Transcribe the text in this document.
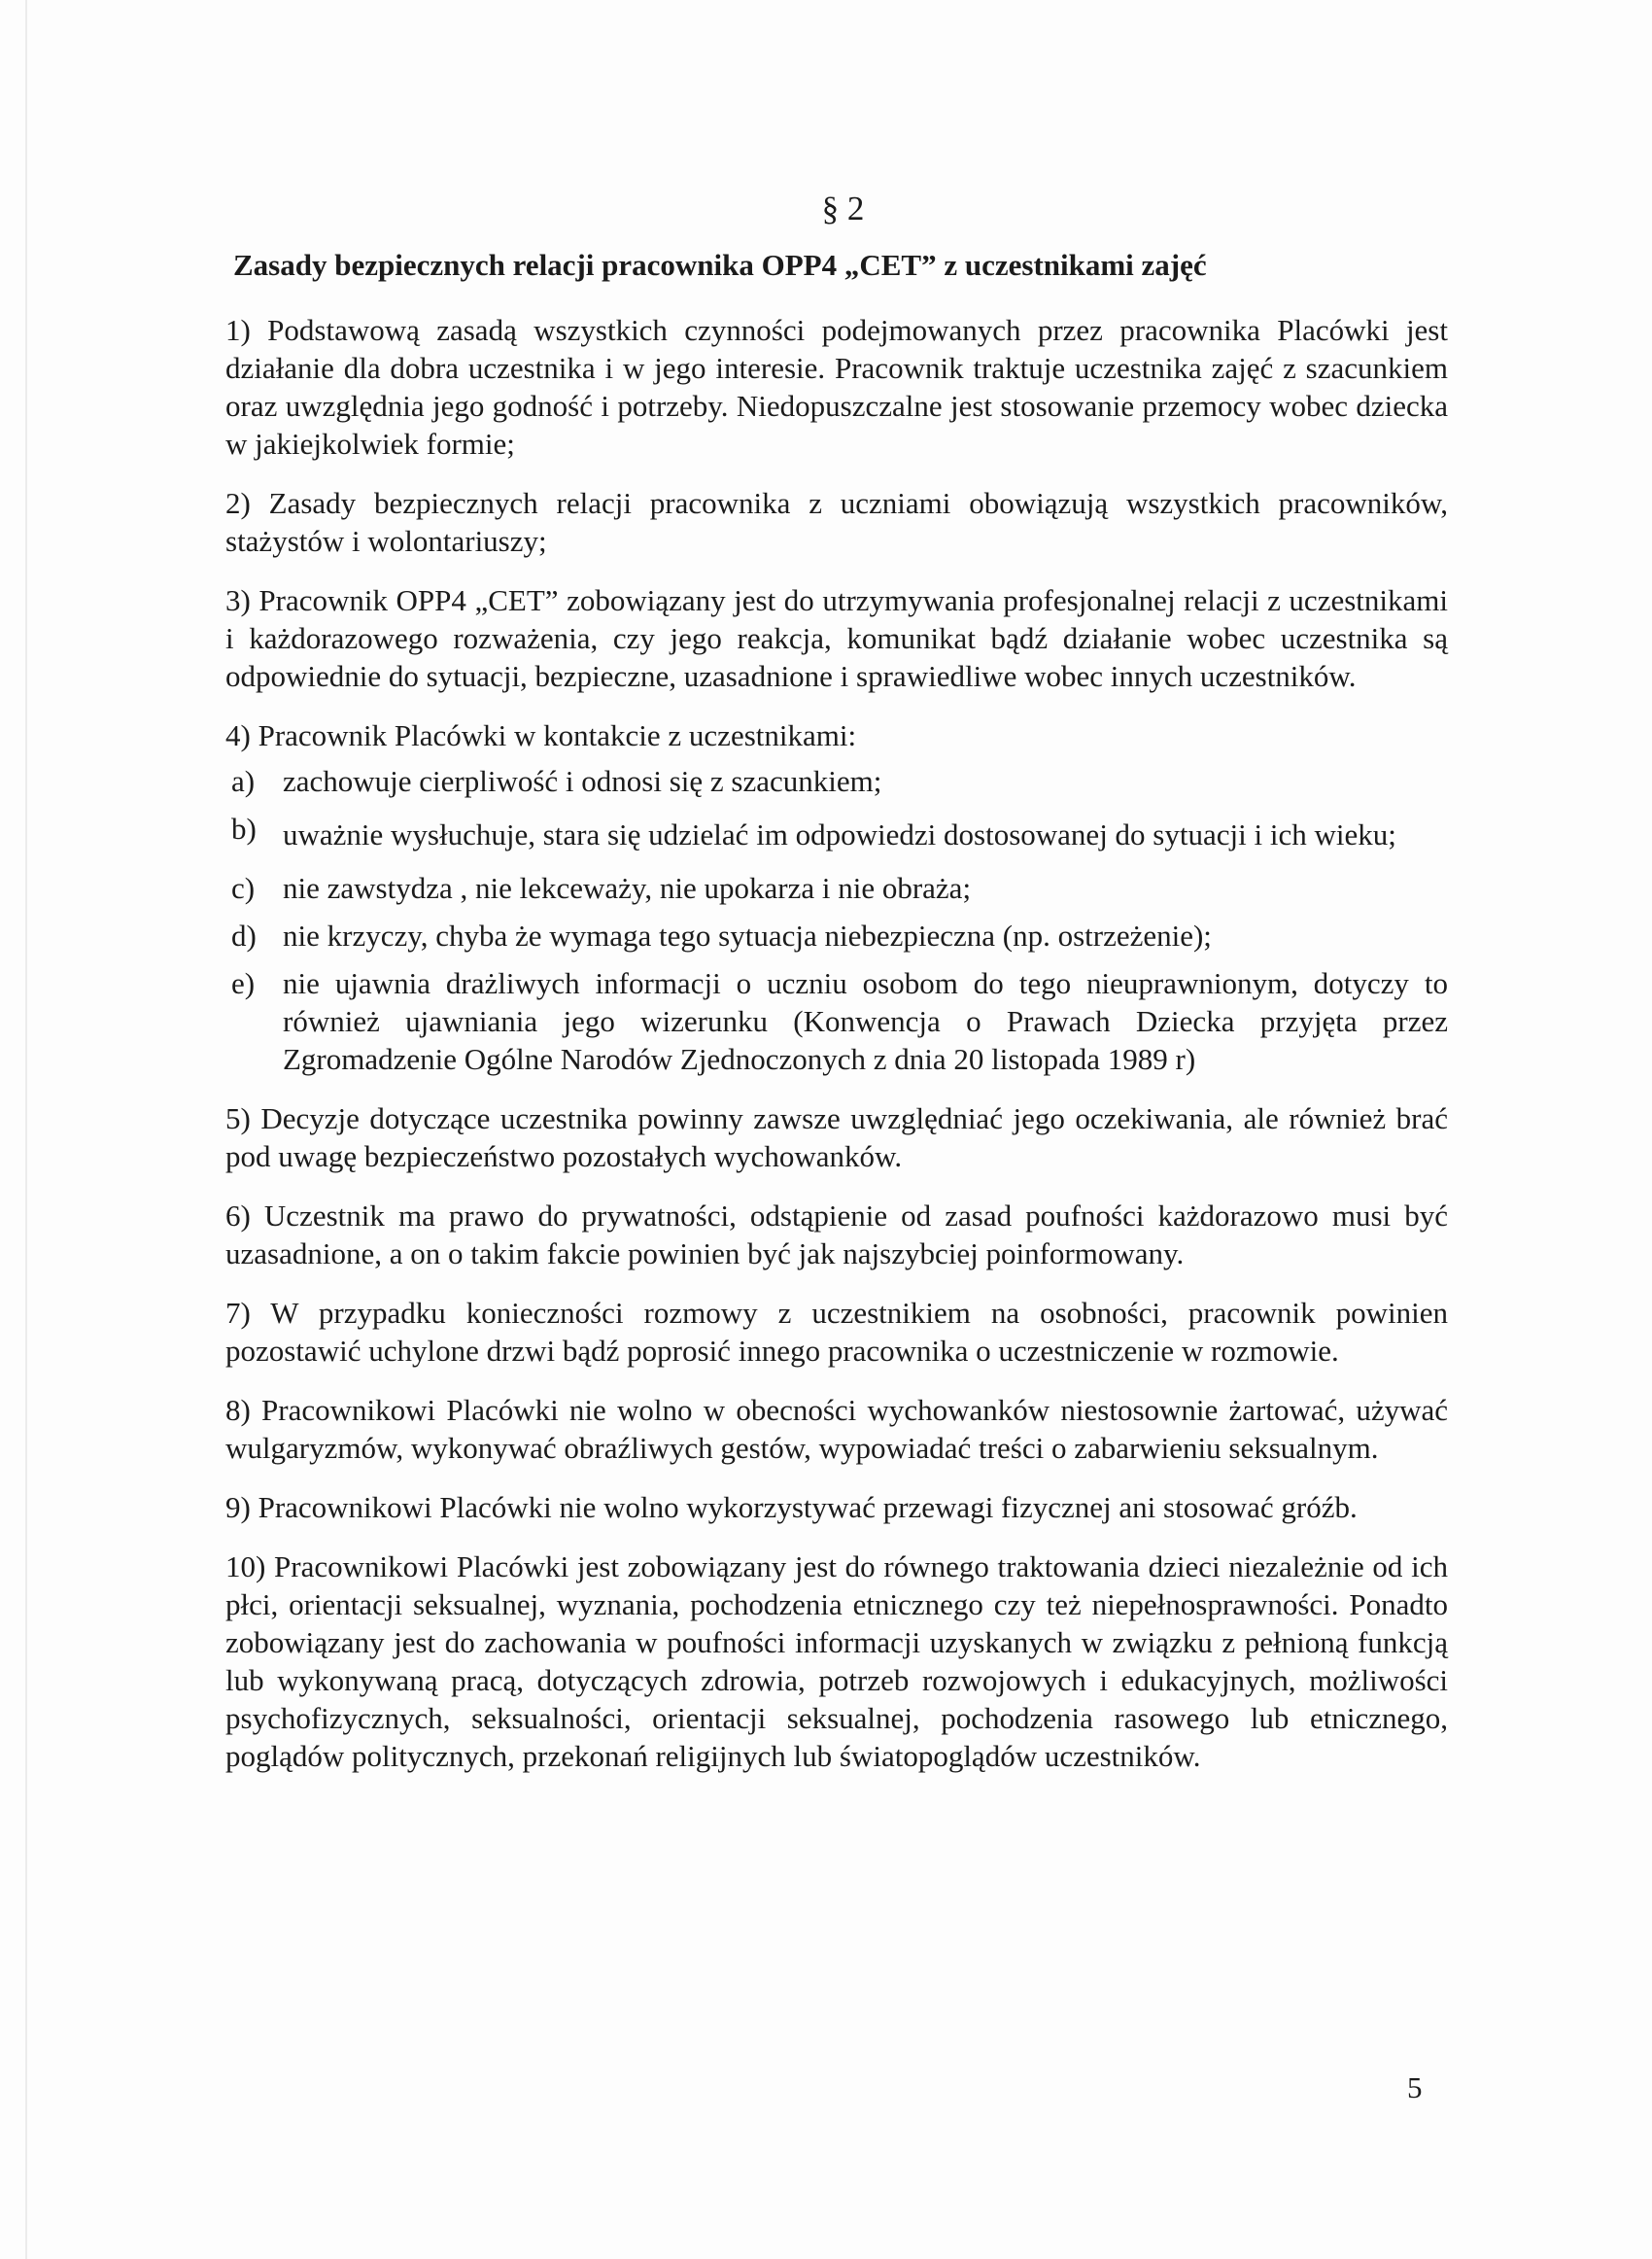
§ 2
Zasady bezpiecznych relacji pracownika OPP4 „CET” z uczestnikami zajęć

1) Podstawową zasadą wszystkich czynności podejmowanych przez pracownika Placówki jest działanie dla dobra uczestnika i w jego interesie. Pracownik traktuje uczestnika zajęć z szacunkiem oraz uwzględnia jego godność i potrzeby. Niedopuszczalne jest stosowanie przemocy wobec dziecka w jakiejkolwiek formie;

2) Zasady bezpiecznych relacji pracownika z uczniami obowiązują wszystkich pracowników, stażystów i wolontariuszy;

3) Pracownik OPP4 „CET” zobowiązany jest do utrzymywania profesjonalnej relacji z uczestnikami i każdorazowego rozważenia, czy jego reakcja, komunikat bądź działanie wobec uczestnika są odpowiednie do sytuacji, bezpieczne, uzasadnione i sprawiedliwe wobec innych uczestników.

4) Pracownik Placówki w kontakcie z uczestnikami:

a) zachowuje cierpliwość i odnosi się z szacunkiem;
b) uważnie wysłuchuje, stara się udzielać im odpowiedzi dostosowanej do sytuacji i ich wieku;
c) nie zawstydza , nie lekceważy, nie upokarza i nie obraża;
d) nie krzyczy, chyba że wymaga tego sytuacja niebezpieczna (np. ostrzeżenie);
e) nie ujawnia drażliwych informacji o uczniu osobom do tego nieuprawnionym, dotyczy to również ujawniania jego wizerunku (Konwencja o Prawach Dziecka przyjęta przez Zgromadzenie Ogólne Narodów Zjednoczonych z dnia 20 listopada 1989 r)

5) Decyzje dotyczące uczestnika powinny zawsze uwzględniać jego oczekiwania, ale również brać pod uwagę bezpieczeństwo pozostałych wychowanków.

6) Uczestnik ma prawo do prywatności, odstąpienie od zasad poufności każdorazowo musi być uzasadnione, a on o takim fakcie powinien być jak najszybciej poinformowany.

7) W przypadku konieczności rozmowy z uczestnikiem na osobności, pracownik powinien pozostawić uchylone drzwi bądź poprosić innego pracownika o uczestniczenie w rozmowie.

8) Pracownikowi Placówki nie wolno w obecności wychowanków niestosownie żartować, używać wulgaryzmów, wykonywać obraźliwych gestów, wypowiadać treści o zabarwieniu seksualnym.

9) Pracownikowi Placówki nie wolno wykorzystywać przewagi fizycznej ani stosować gróźb.

10) Pracownikowi Placówki jest zobowiązany jest do równego traktowania dzieci niezależnie od ich płci, orientacji seksualnej, wyznania, pochodzenia etnicznego czy też niepełnosprawności. Ponadto zobowiązany jest do zachowania w poufności informacji uzyskanych w związku z pełnioną funkcją lub wykonywaną pracą, dotyczących zdrowia, potrzeb rozwojowych i edukacyjnych, możliwości psychofizycznych, seksualności, orientacji seksualnej, pochodzenia rasowego lub etnicznego, poglądów politycznych, przekonań religijnych lub światopoglądów uczestników.

5
